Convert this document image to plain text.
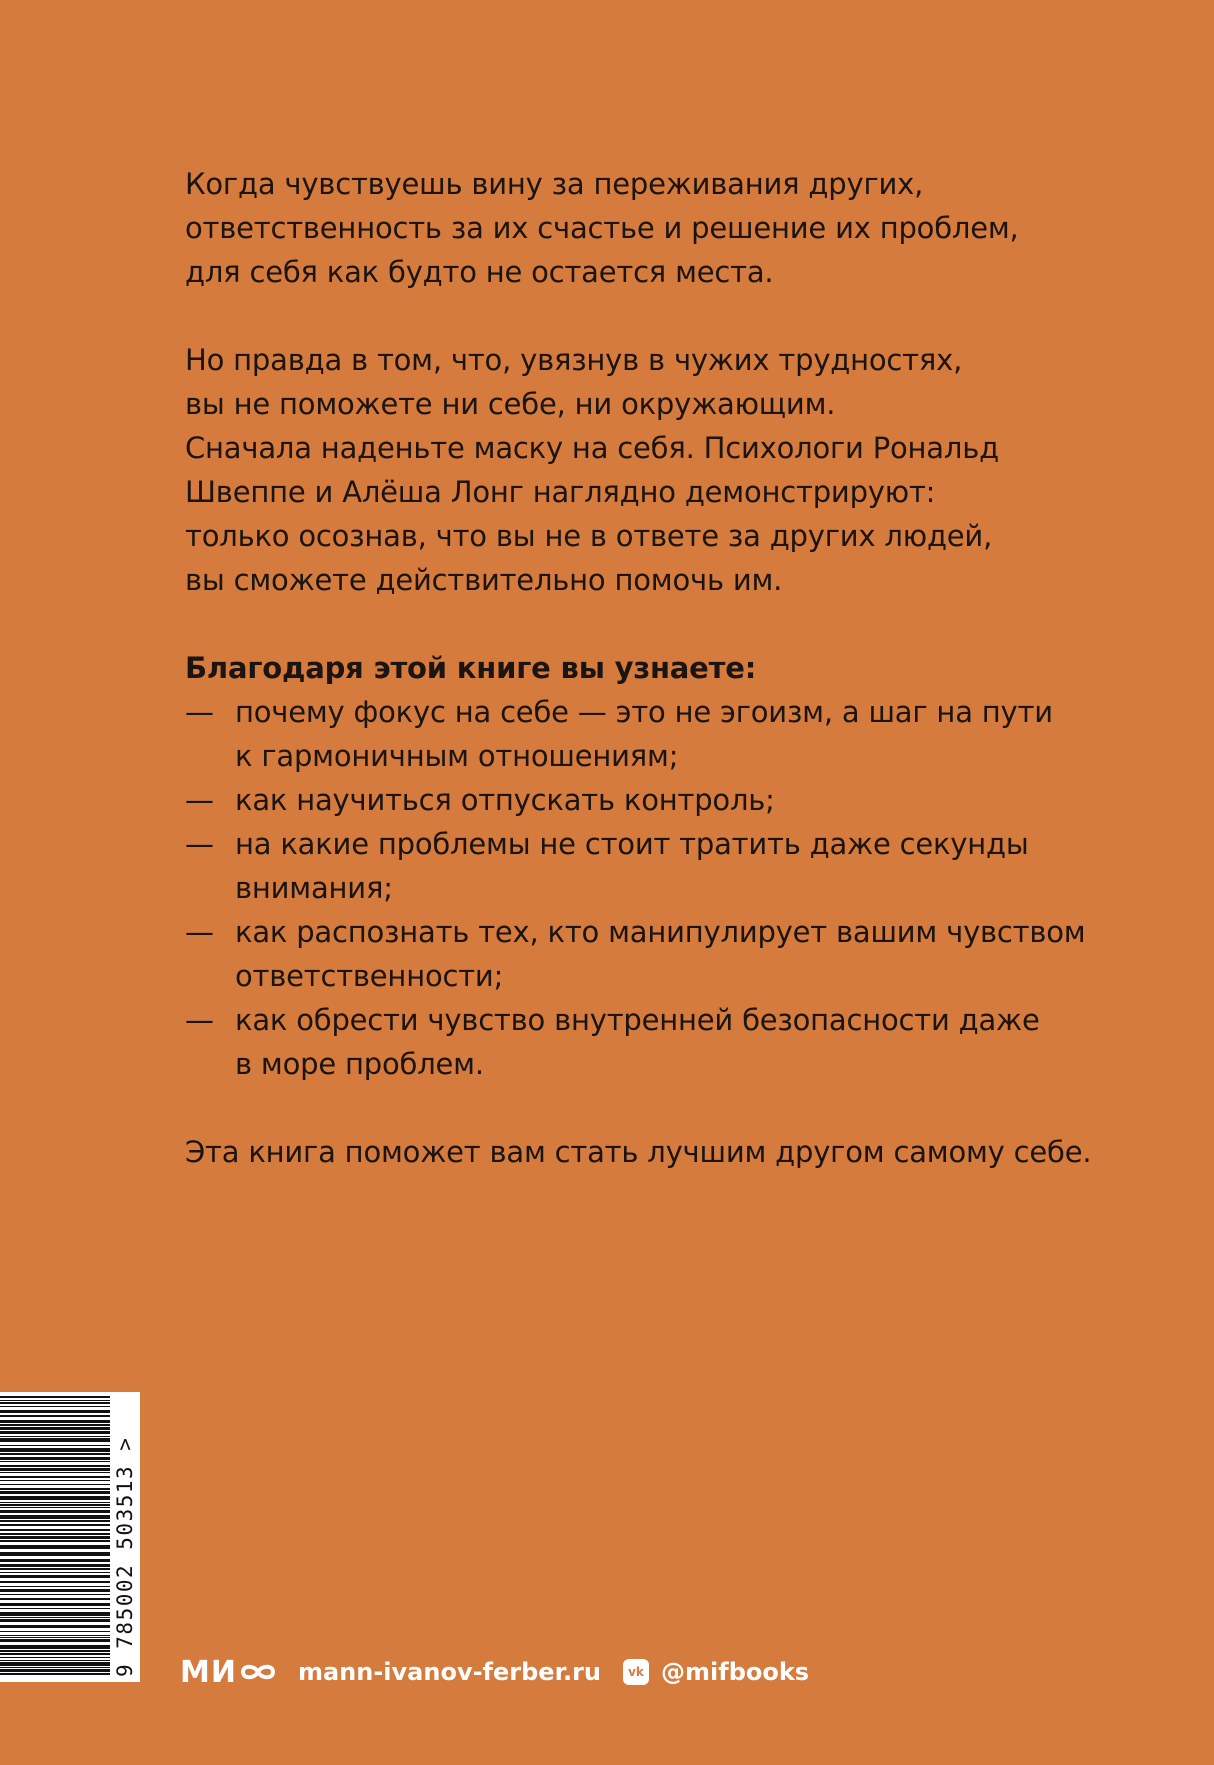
Когда чувствуешь вину за переживания других,
ответственность за их счастье и решение их проблем,
для себя как будто не остается места.

Но правда в том, что, увязнув в чужих трудностях,
вы не поможете ни себе, ни окружающим.
Сначала наденьте маску на себя. Психологи Рональд
Швеппе и Алёша Лонг наглядно демонстрируют:
только осознав, что вы не в ответе за других людей,
вы сможете действительно помочь им.

Благодаря этой книге вы узнаете:
— почему фокус на себе — это не эгоизм, а шаг на пути
к гармоничным отношениям;
— как научиться отпускать контроль;
— на какие проблемы не стоит тратить даже секунды
внимания;
— как распознать тех, кто манипулирует вашим чувством
ответственности;
— как обрести чувство внутренней безопасности даже
в море проблем.
Эта книга поможет вам стать лучшим другом самому себе.
9 785002 503513 > МИ	mann-ivanov-ferber.ru vk @mifbooks
